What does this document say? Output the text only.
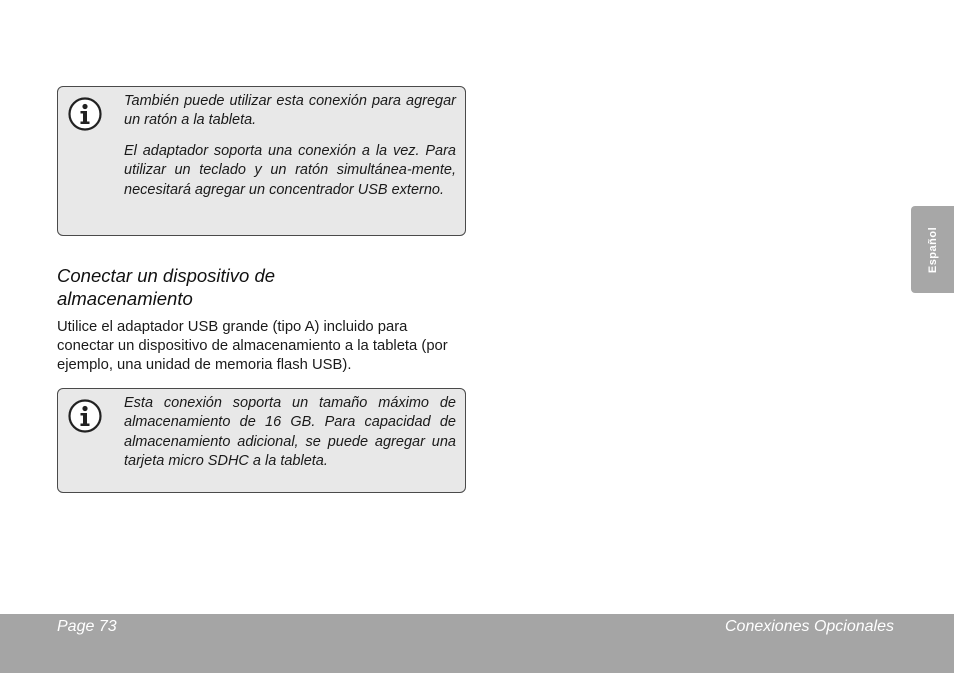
También puede utilizar esta conexión para agregar un ratón a la tableta.

El adaptador soporta una conexión a la vez. Para utilizar un teclado y un ratón simultánea-mente, necesitará agregar un concentrador USB externo.

Conectar un dispositivo de
almacenamiento

Utilice el adaptador USB grande (tipo A) incluido para conectar un dispositivo de almacenamiento a la tableta (por ejemplo, una unidad de memoria flash USB).

Esta conexión soporta un tamaño máximo de almacenamiento de 16 GB. Para capacidad de almacenamiento adicional, se puede agregar una tarjeta micro SDHC a la tableta.

Español
Page 73	Conexiones Opcionales
